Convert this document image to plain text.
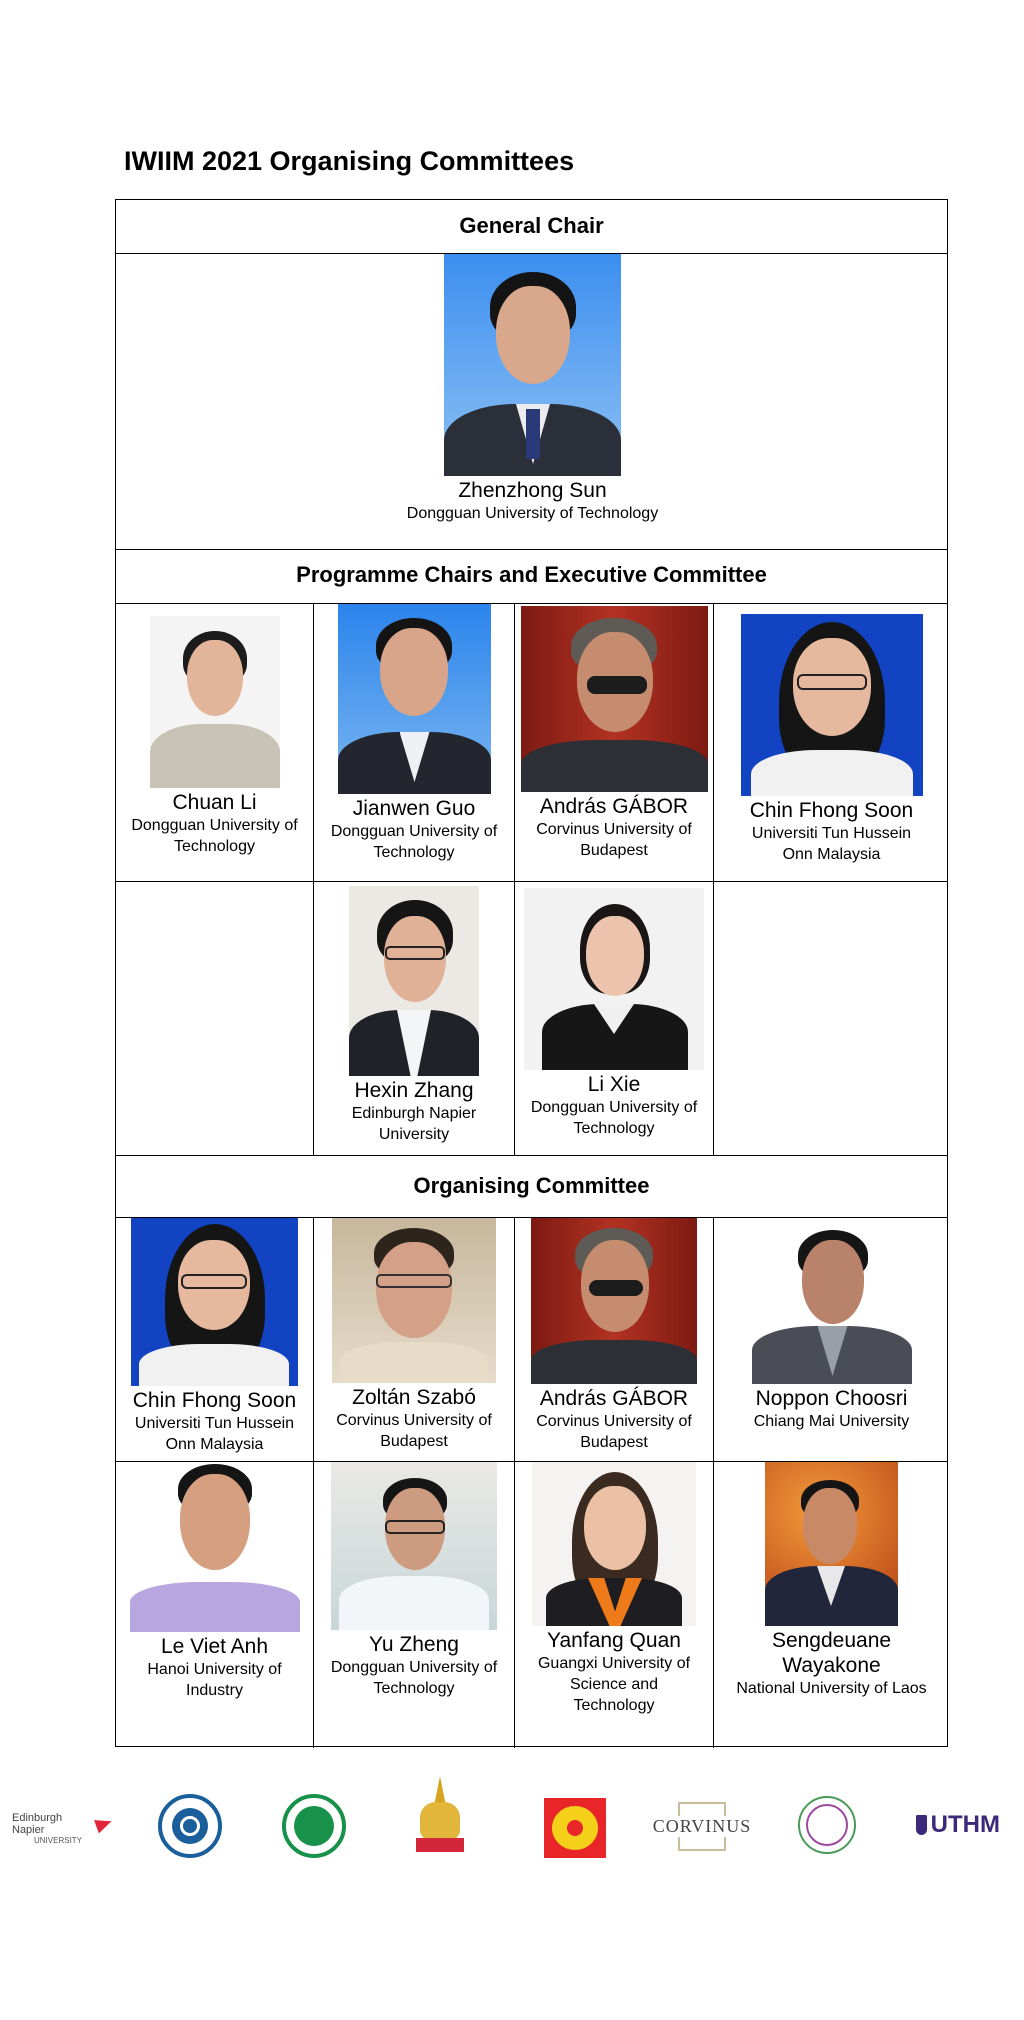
IWIIM 2021 Organising Committees
General Chair
Programme Chairs and Executive Committee
Organising Committee
Zhenzhong Sun
Dongguan University of Technology
Chuan Li
Dongguan University of Technology
Jianwen Guo
Dongguan University of Technology
András GÁBOR
Corvinus University of Budapest
Chin Fhong Soon
Universiti Tun Hussein Onn Malaysia
Hexin Zhang
Edinburgh Napier University
Li Xie
Dongguan University of Technology
Chin Fhong Soon
Universiti Tun Hussein Onn Malaysia
Zoltán Szabó
Corvinus University of Budapest
András GÁBOR
Corvinus University of Budapest
Noppon Choosri
Chiang Mai University
Le Viet Anh
Hanoi University of Industry
Yu Zheng
Dongguan University of Technology
Yanfang Quan
Guangxi University of Science and Technology
Sengdeuane Wayakone
National University of Laos
Edinburgh Napier
UNIVERSITY
CORVINUS	UTHM
